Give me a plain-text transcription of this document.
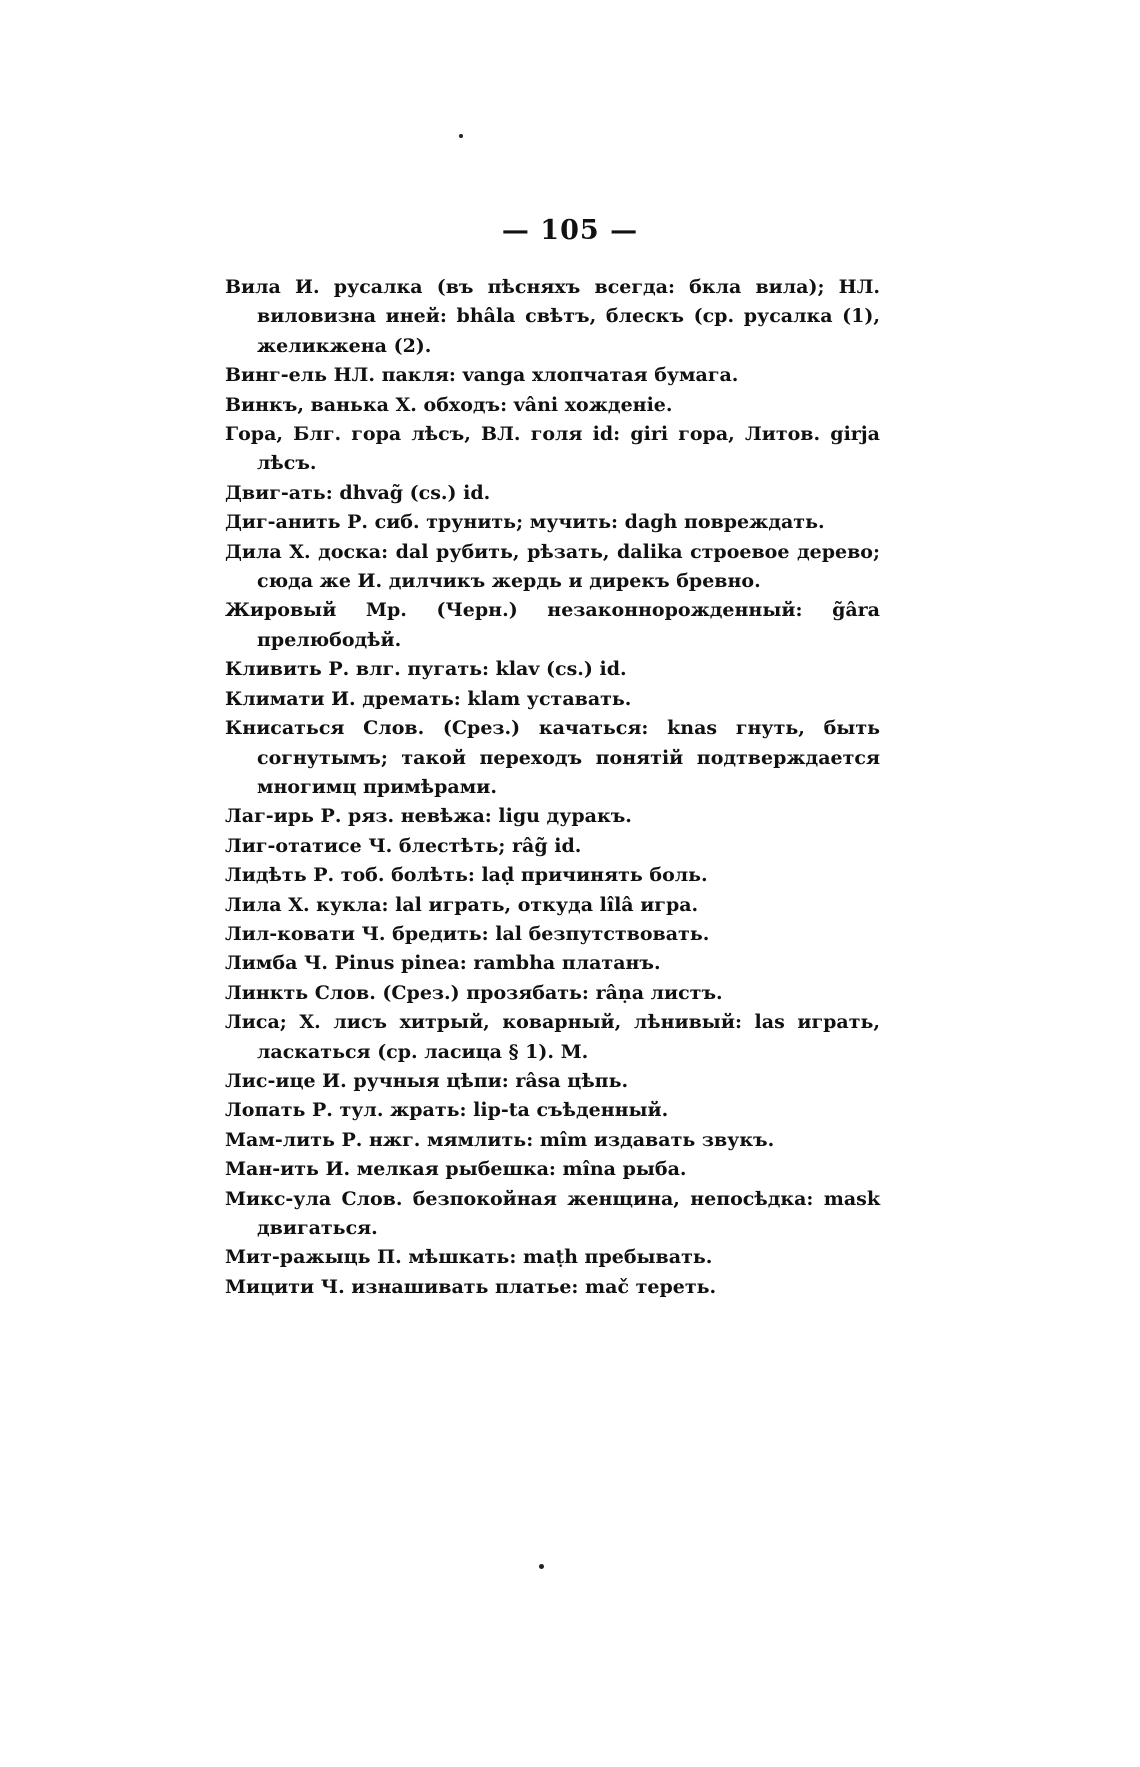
— 105 —
Вила И. русалка (въ пѣсняхъ всегда: бкла вила); НЛ. виловизна иней: bhâla свѣтъ, блескъ (ср. русалка (1), желикжена (2).
Винг-ель НЛ. пакля: vanga хлопчатая бумага.
Винкъ, ванька Х. обходъ: vâni хожденіе.
Гора, Блг. гора лѣсъ, ВЛ. голя id: giri гора, Литов. girja лѣсъ.
Двиг-ать: dhvag̃ (cs.) id.
Диг-анить Р. сиб. трунить; мучить: dagh повреждать.
Дила Х. доска: dal рубить, рѣзать, dalika строевое дерево; сюда же И. дилчикъ жердь и дирекъ бревно.
Жировый Мр. (Черн.) незаконнорожденный: g̃âra прелюбодѣй.
Кливить Р. влг. пугать: klav (cs.) id.
Климати И. дремать: klam уставать.
Книсаться Слов. (Срез.) качаться: knas гнуть, быть согнутымъ; такой переходъ понятій подтверждается многимц примѣрами.
Лаг-ирь Р. ряз. невѣжа: ligu дуракъ.
Лиг-отатисе Ч. блестѣть; râg̃ id.
Лидѣть Р. тоб. болѣть: laḍ причинять боль.
Лила Х. кукла: lal играть, откуда lîlâ игра.
Лил-ковати Ч. бредить: lal безпутствовать.
Лимба Ч. Pinus pinea: rambha платанъ.
Линкть Слов. (Срез.) прозябать: râṇa листъ.
Лиса; Х. лисъ хитрый, коварный, лѣнивый: las играть, ласкаться (ср. ласица § 1). М.
Лис-ице И. ручныя цѣпи: râsa цѣпь.
Лопать Р. тул. жрать: lip-ta съѣденный.
Мам-лить Р. нжг. мямлить: mîm издавать звукъ.
Ман-ить И. мелкая рыбешка: mîna рыба.
Микс-ула Слов. безпокойная женщина, непосѣдка: mask двигаться.
Мит-ражыць П. мѣшкать: maṭh пребывать.
Мицити Ч. изнашивать платье: mač тереть.
